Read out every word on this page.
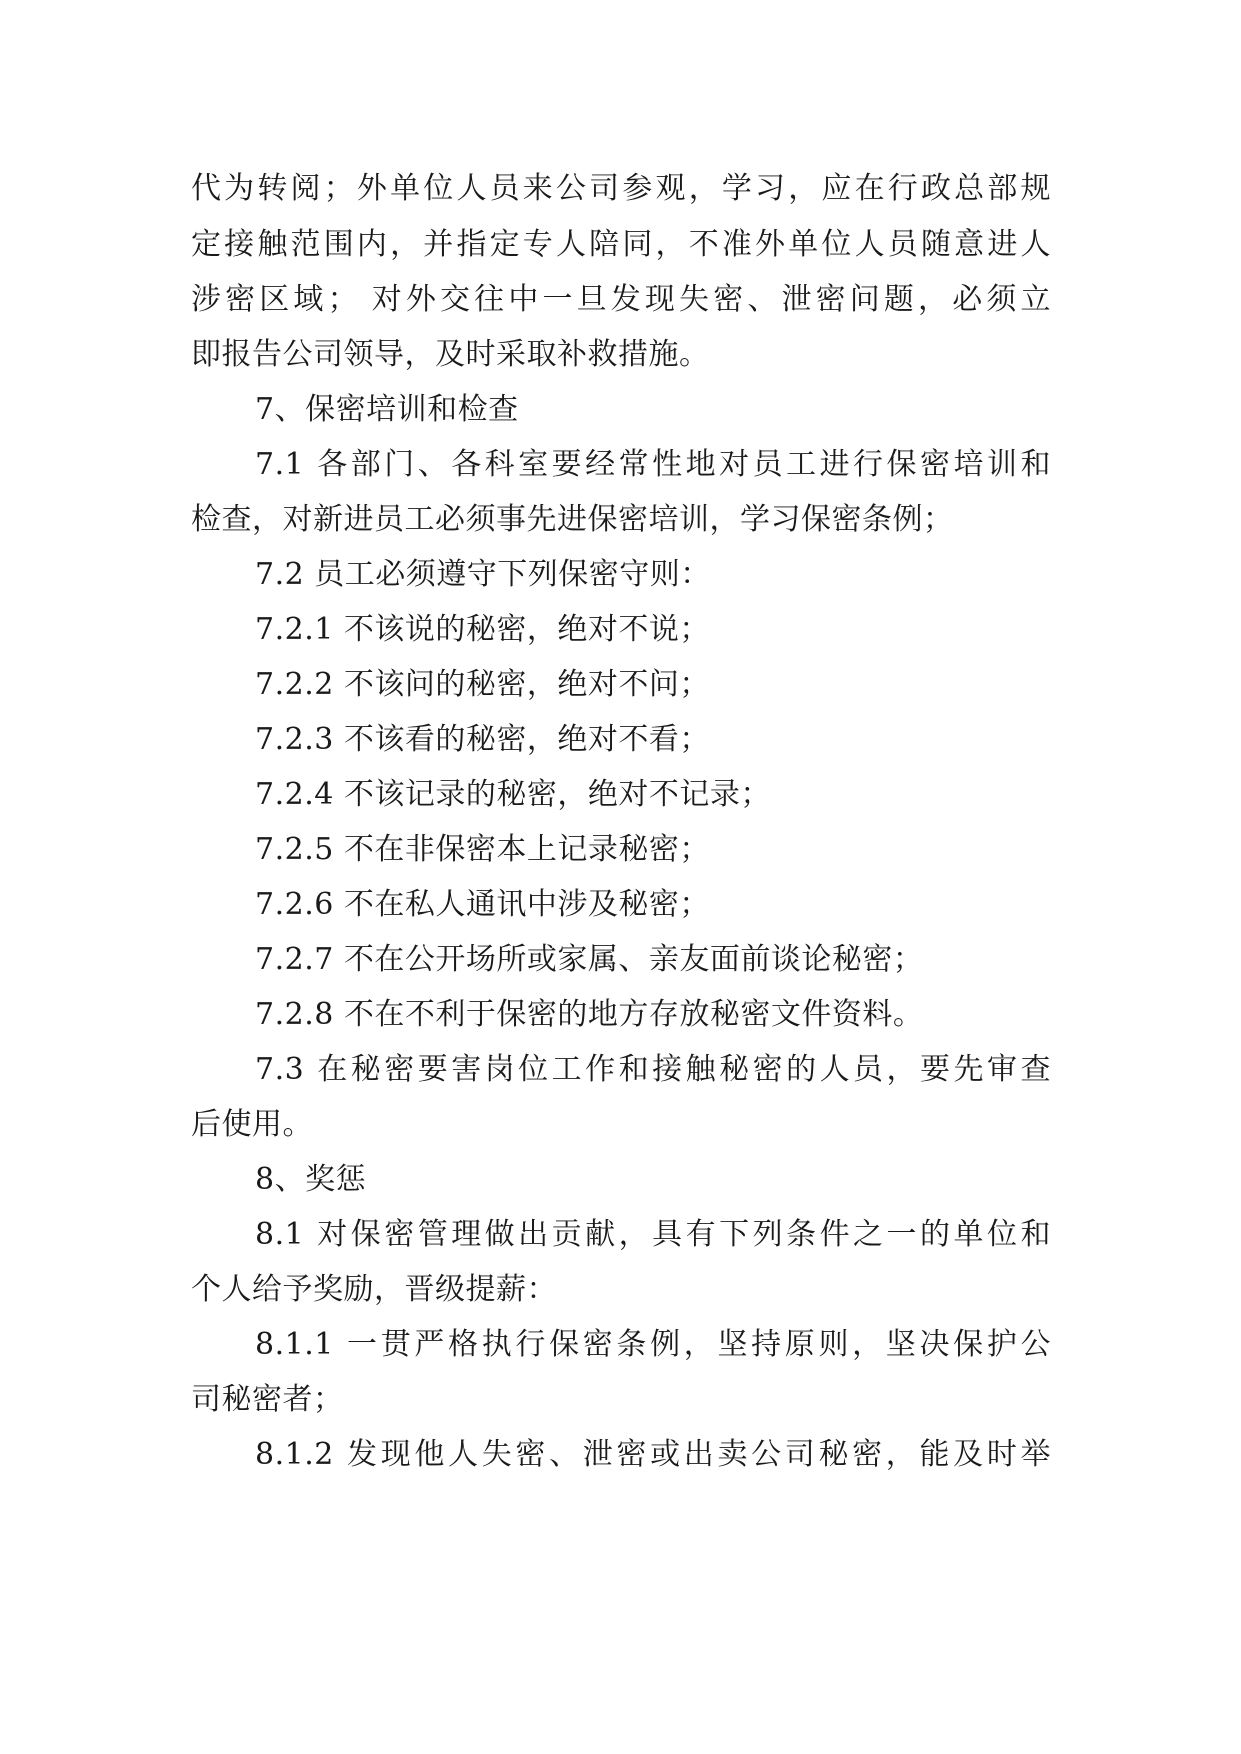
代为转阅；外单位人员来公司参观，学习，应在行政总部规
定接触范围内，并指定专人陪同，不准外单位人员随意进人
涉密区域； 对外交往中一旦发现失密、泄密问题，必须立
即报告公司领导，及时采取补救措施。
7、保密培训和检查
7.1 各部门、各科室要经常性地对员工进行保密培训和
检查，对新进员工必须事先进保密培训，学习保密条例；
7.2 员工必须遵守下列保密守则：
7.2.1 不该说的秘密，绝对不说；
7.2.2 不该问的秘密，绝对不问；
7.2.3 不该看的秘密，绝对不看；
7.2.4 不该记录的秘密，绝对不记录；
7.2.5 不在非保密本上记录秘密；
7.2.6 不在私人通讯中涉及秘密；
7.2.7 不在公开场所或家属、亲友面前谈论秘密；
7.2.8 不在不利于保密的地方存放秘密文件资料。
7.3 在秘密要害岗位工作和接触秘密的人员，要先审查
后使用。
8、奖惩
8.1 对保密管理做出贡献，具有下列条件之一的单位和
个人给予奖励，晋级提薪：
8.1.1 一贯严格执行保密条例，坚持原则，坚决保护公
司秘密者；
8.1.2 发现他人失密、泄密或出卖公司秘密，能及时举
